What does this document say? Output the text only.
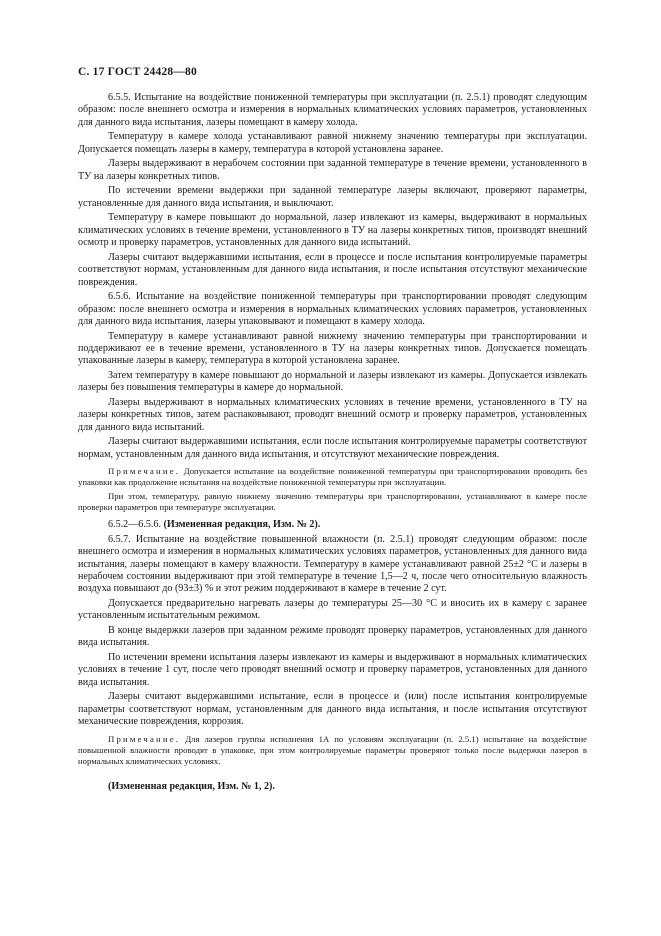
С. 17 ГОСТ 24428—80

6.5.5. Испытание на воздействие пониженной температуры при эксплуатации (п. 2.5.1) проводят следующим образом: после внешнего осмотра и измерения в нормальных климатических условиях параметров, установленных для данного вида испытания, лазеры помещают в камеру холода.

Температуру в камере холода устанавливают равной нижнему значению температуры при эксплуатации. Допускается помещать лазеры в камеру, температура в которой установлена заранее.

Лазеры выдерживают в нерабочем состоянии при заданной температуре в течение времени, установленного в ТУ на лазеры конкретных типов.

По истечении времени выдержки при заданной температуре лазеры включают, проверяют параметры, установленные для данного вида испытания, и выключают.

Температуру в камере повышают до нормальной, лазер извлекают из камеры, выдерживают в нормальных климатических условиях в течение времени, установленного в ТУ на лазеры конкретных типов, производят внешний осмотр и проверку параметров, установленных для данного вида испытаний.

Лазеры считают выдержавшими испытания, если в процессе и после испытания контролируемые параметры соответствуют нормам, установленным для данного вида испытания, и после испытания отсутствуют механические повреждения.

6.5.6. Испытание на воздействие пониженной температуры при транспортировании проводят следующим образом: после внешнего осмотра и измерения в нормальных климатических условиях параметров, установленных для данного вида испытания, лазеры упаковывают и помещают в камеру холода.

Температуру в камере устанавливают равной нижнему значению температуры при транспортировании и поддерживают ее в течение времени, установленного в ТУ на лазеры конкретных типов. Допускается помещать упакованные лазеры в камеру, температура в которой установлена заранее.

Затем температуру в камере повышают до нормальной и лазеры извлекают из камеры. Допускается извлекать лазеры без повышения температуры в камере до нормальной.

Лазеры выдерживают в нормальных климатических условиях в течение времени, установленного в ТУ на лазеры конкретных типов, затем распаковывают, проводят внешний осмотр и проверку параметров, установленных для данного вида испытаний.

Лазеры считают выдержавшими испытания, если после испытания контролируемые параметры соответствуют нормам, установленным для данного вида испытания, и отсутствуют механические повреждения.

Примечание. Допускается испытание на воздействие пониженной температуры при транспортировании проводить без упаковки как продолжение испытания на воздействие пониженной температуры при эксплуатации.

При этом, температуру, равную нижнему значению температуры при транспортировании, устанавливают в камере после проверки параметров при температуре эксплуатации.

6.5.2—6.5.6. (Измененная редакция, Изм. № 2).

6.5.7. Испытание на воздействие повышенной влажности (п. 2.5.1) проводят следующим образом: после внешнего осмотра и измерения в нормальных климатических условиях параметров, установленных для данного вида испытания, лазеры помещают в камеру влажности. Температуру в камере устанавливают равной 25±2 °С и лазеры в нерабочем состоянии выдерживают при этой температуре в течение 1,5—2 ч, после чего относительную влажность воздуха повышают до (93±3) % и этот режим поддерживают в камере в течение 2 сут.

Допускается предварительно нагревать лазеры до температуры 25—30 °С и вносить их в камеру с заранее установленным испытательным режимом.

В конце выдержки лазеров при заданном режиме проводят проверку параметров, установленных для данного вида испытания.

По истечении времени испытания лазеры извлекают из камеры и выдерживают в нормальных климатических условиях в течение 1 сут, после чего проводят внешний осмотр и проверку параметров, установленных для данного вида испытания.

Лазеры считают выдержавшими испытание, если в процессе и (или) после испытания контролируемые параметры соответствуют нормам, установленным для данного вида испытания, и после испытания отсутствуют механические повреждения, коррозия.

Примечание. Для лазеров группы исполнения 1А по условиям эксплуатации (п. 2.5.1) испытание на воздействие повышенной влажности проводят в упаковке, при этом контролируемые параметры проверяют только после выдержки лазеров в нормальных климатических условиях.

(Измененная редакция, Изм. № 1, 2).
